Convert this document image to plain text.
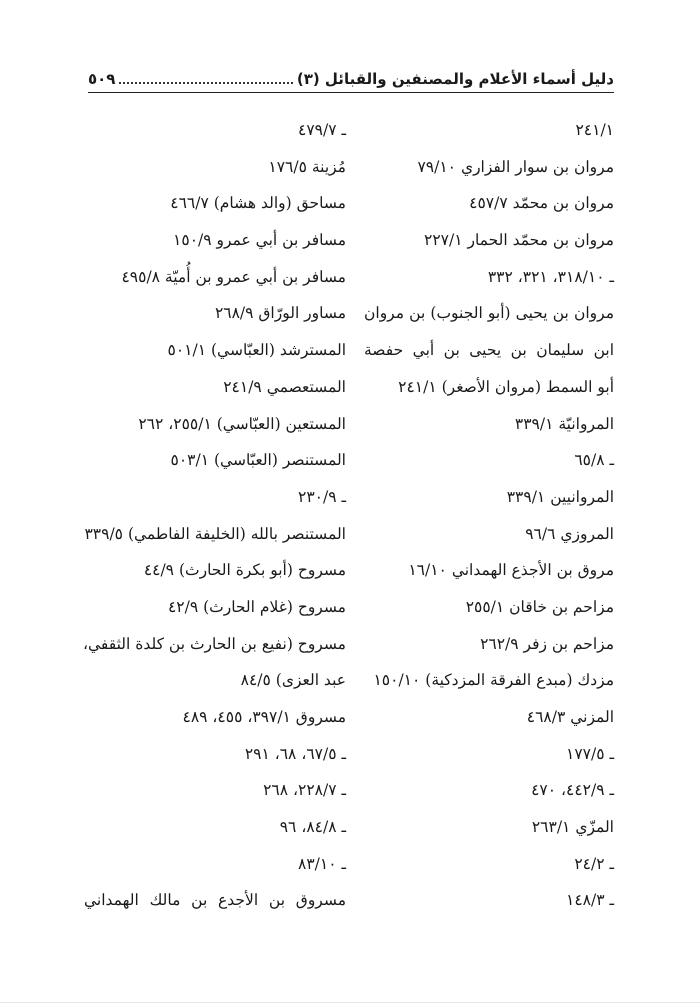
دليل أسماء الأعلام والمصنفين والقبائل (٣)
٥٠٩
٢٤١/١
مروان بن سوار الفزاري ٧٩/١٠
مروان بن محمّد ٤٥٧/٧
مروان بن محمّد الحمار ٢٢٧/١
ـ ٣١٨/١٠، ٣٢١، ٣٣٢
مروان بن يحيى (أبو الجنوب) بن مروان
ابن سليمان بن يحيى بن أبي حفصة
أبو السمط (مروان الأصغر) ٢٤١/١
المروانيّة ٣٣٩/١
ـ ٦٥/٨
المروانيين ٣٣٩/١
المروزي ٩٦/٦
مروق بن الأجذع الهمداني ١٦/١٠
مزاحم بن خاقان ٢٥٥/١
مزاحم بن زفر ٢٦٢/٩
مزدك (مبدع الفرقة المزدكية) ١٥٠/١٠
المزني ٤٦٨/٣
ـ ١٧٧/٥
ـ ٤٤٢/٩، ٤٧٠
المزّي ٢٦٣/١
ـ ٢٤/٢
ـ ١٤٨/٣
ـ ٤٧٩/٧
مُزينة ١٧٦/٥
مساحق (والد هشام) ٤٦٦/٧
مسافر بن أبي عمرو ١٥٠/٩
مسافر بن أبي عمرو بن أُميّة ٤٩٥/٨
مساور الورّاق ٢٦٨/٩
المسترشد (العبّاسي) ٥٠١/١
المستعصمي ٢٤١/٩
المستعين (العبّاسي) ٢٥٥/١، ٢٦٢
المستنصر (العبّاسي) ٥٠٣/١
ـ ٢٣٠/٩
المستنصر بالله (الخليفة الفاطمي) ٣٣٩/٥
مسروح (أبو بكرة الحارث) ٤٤/٩
مسروح (غلام الحارث) ٤٢/٩
مسروح (نفيع بن الحارث بن كلدة الثقفي،
عبد العزى) ٨٤/٥
مسروق ٣٩٧/١، ٤٥٥، ٤٨٩
ـ ٦٧/٥، ٦٨، ٢٩١
ـ ٢٢٨/٧، ٢٦٨
ـ ٨٤/٨، ٩٦
ـ ٨٣/١٠
مسروق بن الأجدع بن مالك الهمداني
